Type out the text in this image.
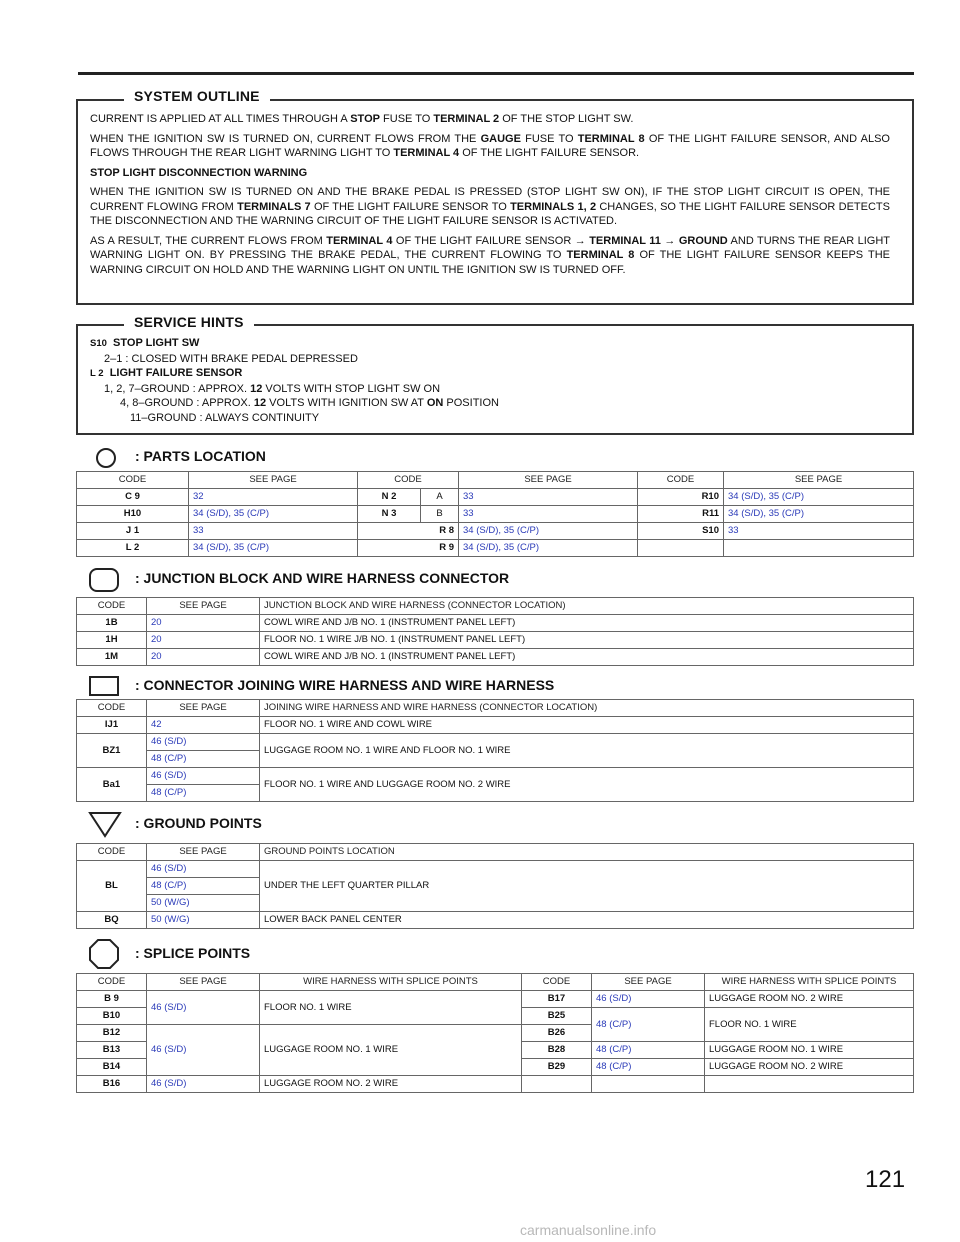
SYSTEM OUTLINE

CURRENT IS APPLIED AT ALL TIMES THROUGH A STOP FUSE TO TERMINAL 2 OF THE STOP LIGHT SW.

WHEN THE IGNITION SW IS TURNED ON, CURRENT FLOWS FROM THE GAUGE FUSE TO TERMINAL 8 OF THE LIGHT FAILURE SENSOR, AND ALSO FLOWS THROUGH THE REAR LIGHT WARNING LIGHT TO TERMINAL 4 OF THE LIGHT FAILURE SENSOR.

STOP LIGHT DISCONNECTION WARNING

WHEN THE IGNITION SW IS TURNED ON AND THE BRAKE PEDAL IS PRESSED (STOP LIGHT SW ON), IF THE STOP LIGHT CIRCUIT IS OPEN, THE CURRENT FLOWING FROM TERMINALS 7 OF THE LIGHT FAILURE SENSOR TO TERMINALS 1, 2 CHANGES, SO THE LIGHT FAILURE SENSOR DETECTS THE DISCONNECTION AND THE WARNING CIRCUIT OF THE LIGHT FAILURE SENSOR IS ACTIVATED.

AS A RESULT, THE CURRENT FLOWS FROM TERMINAL 4 OF THE LIGHT FAILURE SENSOR → TERMINAL 11 → GROUND AND TURNS THE REAR LIGHT WARNING LIGHT ON. BY PRESSING THE BRAKE PEDAL, THE CURRENT FLOWING TO TERMINAL 8 OF THE LIGHT FAILURE SENSOR KEEPS THE WARNING CIRCUIT ON HOLD AND THE WARNING LIGHT ON UNTIL THE IGNITION SW IS TURNED OFF.

SERVICE HINTS
S10 STOP LIGHT SW
2–1 : CLOSED WITH BRAKE PEDAL DEPRESSED
L 2 LIGHT FAILURE SENSOR
1, 2, 7–GROUND : APPROX. 12 VOLTS WITH STOP LIGHT SW ON
4, 8–GROUND : APPROX. 12 VOLTS WITH IGNITION SW AT ON POSITION
11–GROUND : ALWAYS CONTINUITY
: PARTS LOCATION
CODE	SEE PAGE	CODE		SEE PAGE	CODE	SEE PAGE
C 9	32	N 2	A	33	R10	34 (S/D), 35 (C/P)
H10	34 (S/D), 35 (C/P)	N 3	B	33	R11	34 (S/D), 35 (C/P)
J 1	33	R 8		34 (S/D), 35 (C/P)	S10	33
L 2	34 (S/D), 35 (C/P)	R 9		34 (S/D), 35 (C/P)		
: JUNCTION BLOCK AND WIRE HARNESS CONNECTOR
CODE	SEE PAGE	JUNCTION BLOCK AND WIRE HARNESS (CONNECTOR LOCATION)
1B	20	COWL WIRE AND J/B NO. 1 (INSTRUMENT PANEL LEFT)
1H	20	FLOOR NO. 1 WIRE J/B NO. 1 (INSTRUMENT PANEL LEFT)
1M	20	COWL WIRE AND J/B NO. 1 (INSTRUMENT PANEL LEFT)
: CONNECTOR JOINING WIRE HARNESS AND WIRE HARNESS
CODE	SEE PAGE	JOINING WIRE HARNESS AND WIRE HARNESS (CONNECTOR LOCATION)
IJ1	42	FLOOR NO. 1 WIRE AND COWL WIRE
BZ1	46 (S/D)	LUGGAGE ROOM NO. 1 WIRE AND FLOOR NO. 1 WIRE
	48 (C/P)	
Ba1	46 (S/D)	FLOOR NO. 1 WIRE AND LUGGAGE ROOM NO. 2 WIRE
	48 (C/P)	
: GROUND POINTS
CODE	SEE PAGE	GROUND POINTS LOCATION
BL	46 (S/D)	UNDER THE LEFT QUARTER PILLAR
	48 (C/P)	
	50 (W/G)	
BQ	50 (W/G)	LOWER BACK PANEL CENTER
: SPLICE POINTS
CODE	SEE PAGE	WIRE HARNESS WITH SPLICE POINTS	CODE	SEE PAGE	WIRE HARNESS WITH SPLICE POINTS
B 9	46 (S/D)	FLOOR NO. 1 WIRE	B17	46 (S/D)	LUGGAGE ROOM NO. 2 WIRE
B10			B25	48 (C/P)	FLOOR NO. 1 WIRE
B12	46 (S/D)	LUGGAGE ROOM NO. 1 WIRE	B26		
B13			B28	48 (C/P)	LUGGAGE ROOM NO. 1 WIRE
B14			B29	48 (C/P)	LUGGAGE ROOM NO. 2 WIRE
B16	46 (S/D)	LUGGAGE ROOM NO. 2 WIRE			
121
carmanualsonline.info
